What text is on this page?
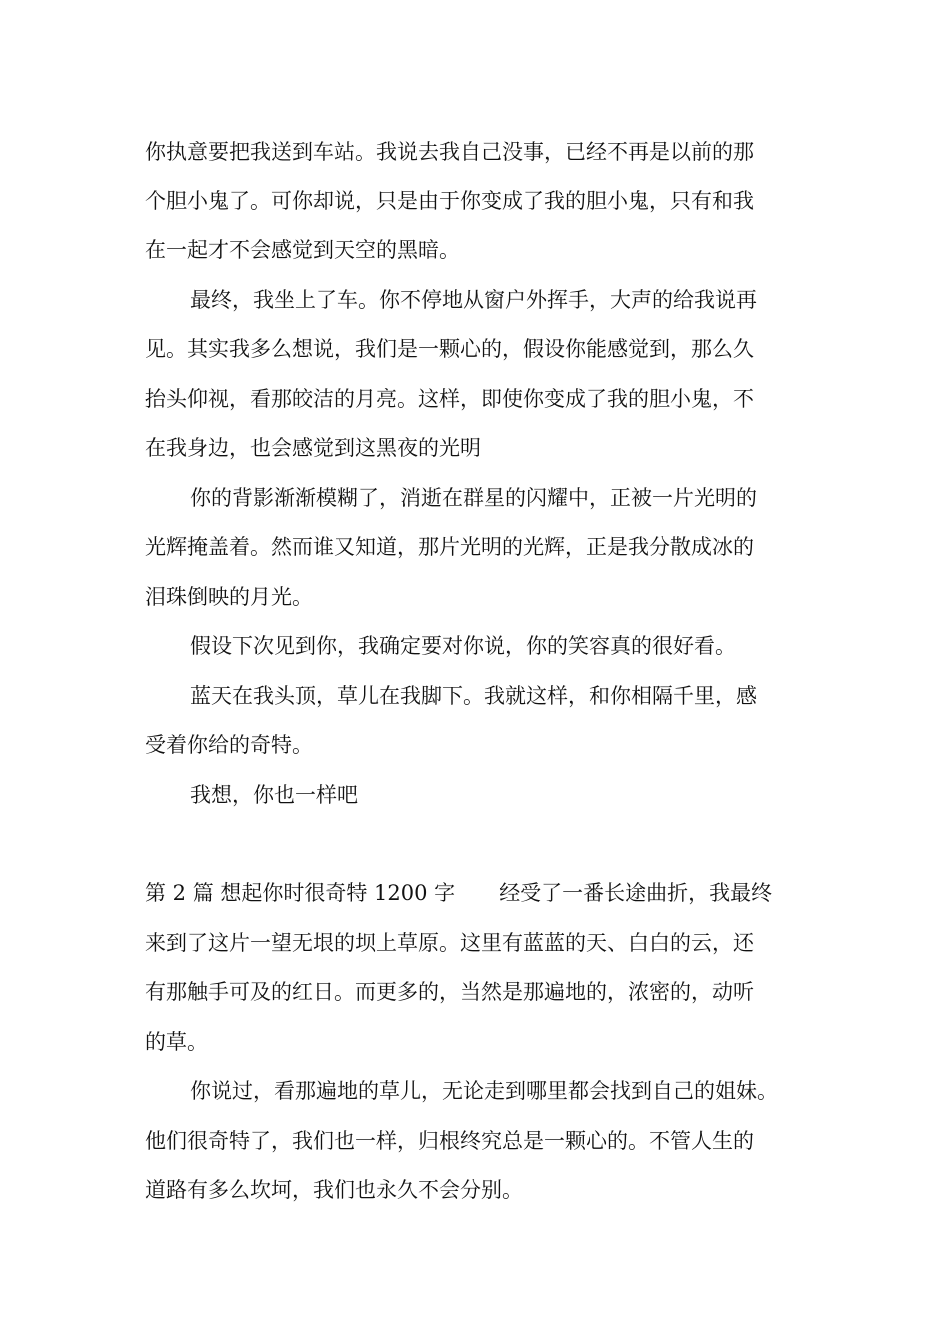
你执意要把我送到车站。我说去我自己没事，已经不再是以前的那
个胆小鬼了。可你却说，只是由于你变成了我的胆小鬼，只有和我
在一起才不会感觉到天空的黑暗。
最终，我坐上了车。你不停地从窗户外挥手，大声的给我说再
见。其实我多么想说，我们是一颗心的，假设你能感觉到，那么久
抬头仰视，看那皎洁的月亮。这样，即使你变成了我的胆小鬼，不
在我身边，也会感觉到这黑夜的光明
你的背影渐渐模糊了，消逝在群星的闪耀中，正被一片光明的
光辉掩盖着。然而谁又知道，那片光明的光辉，正是我分散成冰的
泪珠倒映的月光。
假设下次见到你，我确定要对你说，你的笑容真的很好看。
蓝天在我头顶，草儿在我脚下。我就这样，和你相隔千里，感
受着你给的奇特。
我想，你也一样吧
第 2 篇 想起你时很奇特 1200 字 经受了一番长途曲折，我最终
来到了这片一望无垠的坝上草原。这里有蓝蓝的天、白白的云，还
有那触手可及的红日。而更多的，当然是那遍地的，浓密的，动听
的草。
你说过，看那遍地的草儿，无论走到哪里都会找到自己的姐妹。
他们很奇特了，我们也一样，归根终究总是一颗心的。不管人生的
道路有多么坎坷，我们也永久不会分别。
